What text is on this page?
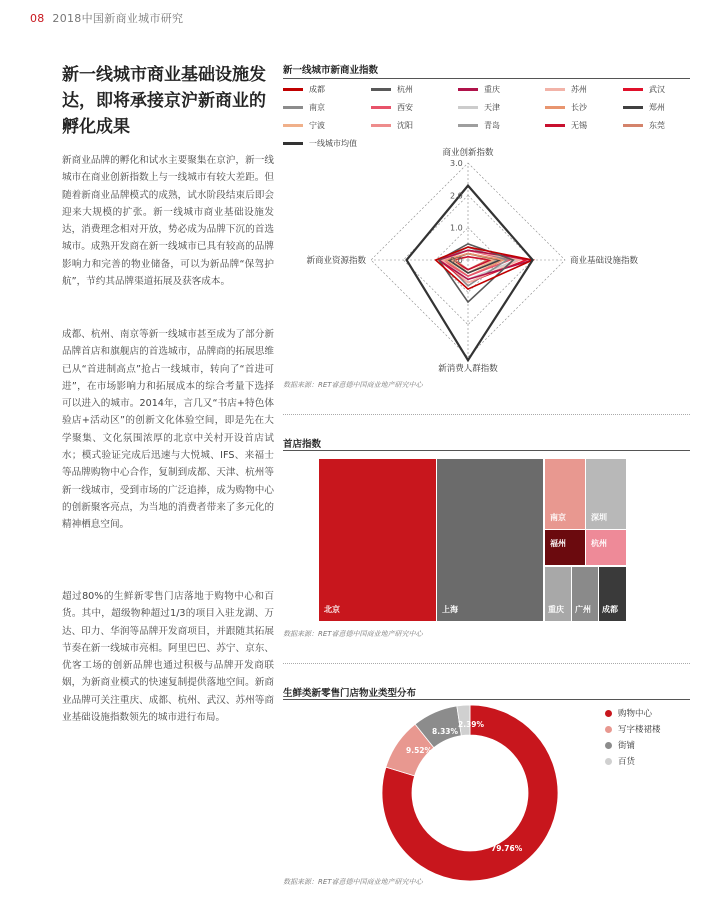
08 2018中国新商业城市研究
新一线城市商业基础设施发达，即将承接京沪新商业的孵化成果
新商业品牌的孵化和试水主要聚集在京沪，新一线城市在商业创新指数上与一线城市有较大差距。但随着新商业品牌模式的成熟，试水阶段结束后即会迎来大规模的扩张。新一线城市商业基础设施发达，消费理念相对开放，势必成为品牌下沉的首选城市。成熟开发商在新一线城市已具有较高的品牌影响力和完善的物业储备，可以为新品牌“保驾护航”，节约其品牌渠道拓展及获客成本。
成都、杭州、南京等新一线城市甚至成为了部分新品牌首店和旗舰店的首选城市，品牌商的拓展思维已从“首进制高点”抢占一线城市，转向了“首进可进”，在市场影响力和拓展成本的综合考量下选择可以进入的城市。2014年，言几又“书店+特色体验店+活动区”的创新文化体验空间，即是先在大学聚集、文化氛围浓厚的北京中关村开设首店试水；模式验证完成后迅速与大悦城、IFS、来福士等品牌购物中心合作，复制到成都、天津、杭州等新一线城市，受到市场的广泛追捧，成为购物中心的创新聚客亮点，为当地的消费者带来了多元化的精神栖息空间。
超过80%的生鲜新零售门店落地于购物中心和百货。其中，超级物种超过1/3的项目入驻龙湖、万达、印力、华润等品牌开发商项目，并跟随其拓展节奏在新一线城市亮相。阿里巴巴、苏宁、京东、优客工场的创新品牌也通过积极与品牌开发商联姻，为新商业模式的快速复制提供落地空间。新商业品牌可关注重庆、成都、杭州、武汉、苏州等商业基础设施指数领先的城市进行布局。
新一线城市新商业指数
成都	杭州	重庆	苏州	武汉
南京	西安	天津	长沙	郑州
宁波	沈阳	青岛	无锡	东莞
一线城市均值
0.0
1.0
2.0
3.0
商业创新指数
商业基础设施指数
新消费人群指数
新商业资源指数
数据来源：RET睿意德中国商业地产研究中心
首店指数
北京	上海
南京	深圳
福州	杭州
重庆 广州 成都
数据来源：RET睿意德中国商业地产研究中心
生鲜类新零售门店物业类型分布
79.76%
9.52%
8.33%
2.39%
购物中心
写字楼裙楼
街铺
百货
数据来源：RET睿意德中国商业地产研究中心
